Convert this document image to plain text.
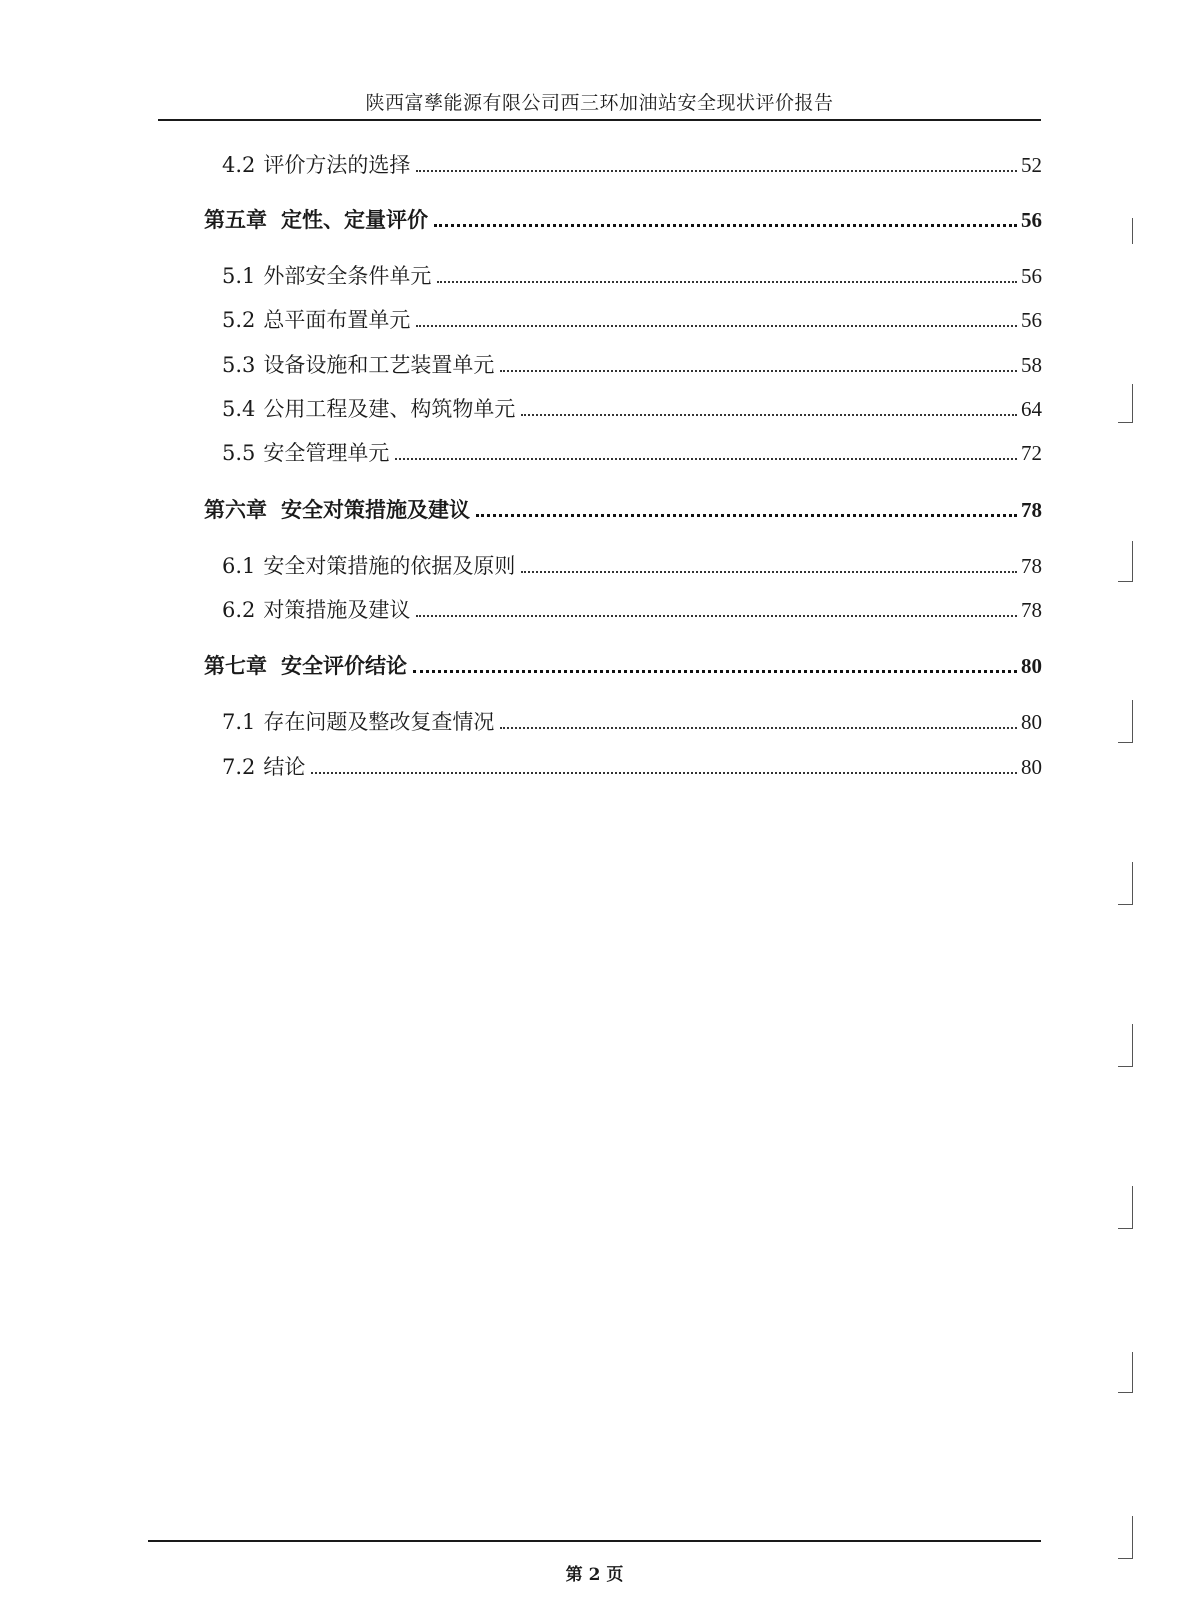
陕西富孳能源有限公司西三环加油站安全现状评价报告
4.2 评价方法的选择	52
第五章 定性、定量评价	56
5.1 外部安全条件单元	56
5.2 总平面布置单元	56
5.3 设备设施和工艺装置单元	58
5.4 公用工程及建、构筑物单元	64
5.5 安全管理单元	72
第六章 安全对策措施及建议	78
6.1 安全对策措施的依据及原则	78
6.2 对策措施及建议	78
第七章 安全评价结论	80
7.1 存在问题及整改复查情况	80
7.2 结论	80
第 2 页
